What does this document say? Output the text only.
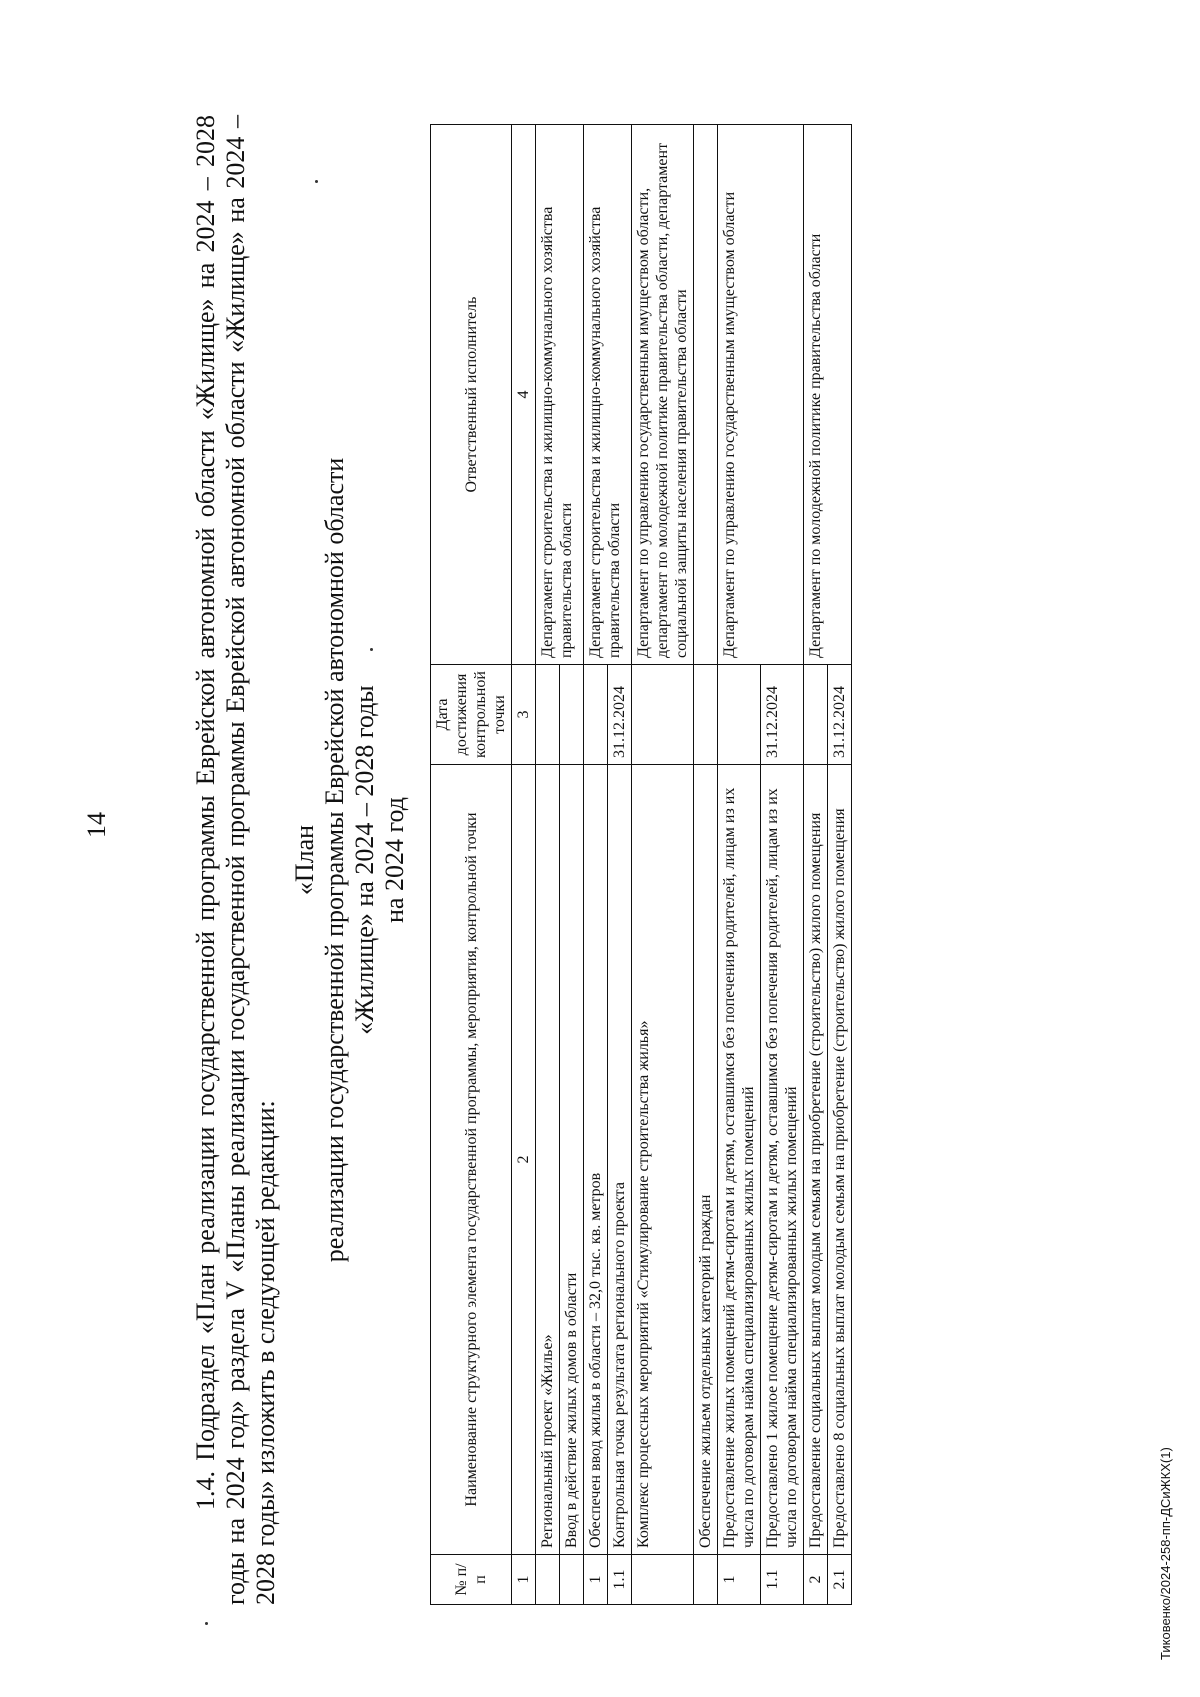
14	1.4. Подраздел «План реализации государственной программы Еврейской автономной области «Жилище» на 2024 – 2028 годы на 2024 год» раздела V «Планы реализации государственной программы Еврейской автономной области «Жилище» на 2024 – 2028 годы» изложить в следующей редакции:

«План реализации государственной программы Еврейской автономной области «Жилище» на 2024 – 2028 годы на 2024 год
№ п/п	Наименование структурного элемента государственной программы, мероприятия, контрольной точки	Дата достижения контрольной точки	Ответственный исполнитель
1	2	3	4
	Региональный проект «Жилье»		Департамент строительства и жилищно-коммунального хозяйства правительства области
	Ввод в действие жилых домов в области		
1	Обеспечен ввод жилья в области – 32,0 тыс. кв. метров		Департамент строительства и жилищно-коммунального хозяйства правительства области
1.1	Контрольная точка результата регионального проекта	31.12.2024	
	Комплекс процессных мероприятий «Стимулирование строительства жилья»		Департамент по управлению государственным имуществом области, департамент по молодежной политике правительства области, департамент социальной защиты населения правительства области
	Обеспечение жильем отдельных категорий граждан		
1	Предоставление жилых помещений детям-сиротам и детям, оставшимся без попечения родителей, лицам из их числа по договорам найма специализированных жилых помещений		Департамент по управлению государственным имуществом области
1.1	Предоставлено 1 жилое помещение детям-сиротам и детям, оставшимся без попечения родителей, лицам из их числа по договорам найма специализированных жилых помещений	31.12.2024	
2	Предоставление социальных выплат молодым семьям на приобретение (строительство) жилого помещения		Департамент по молодежной политике правительства области
2.1	Предоставлено 8 социальных выплат молодым семьям на приобретение (строительство) жилого помещения	31.12.2024	
Тиковенко/2024-258-пп-ДСиЖКХ(1)
